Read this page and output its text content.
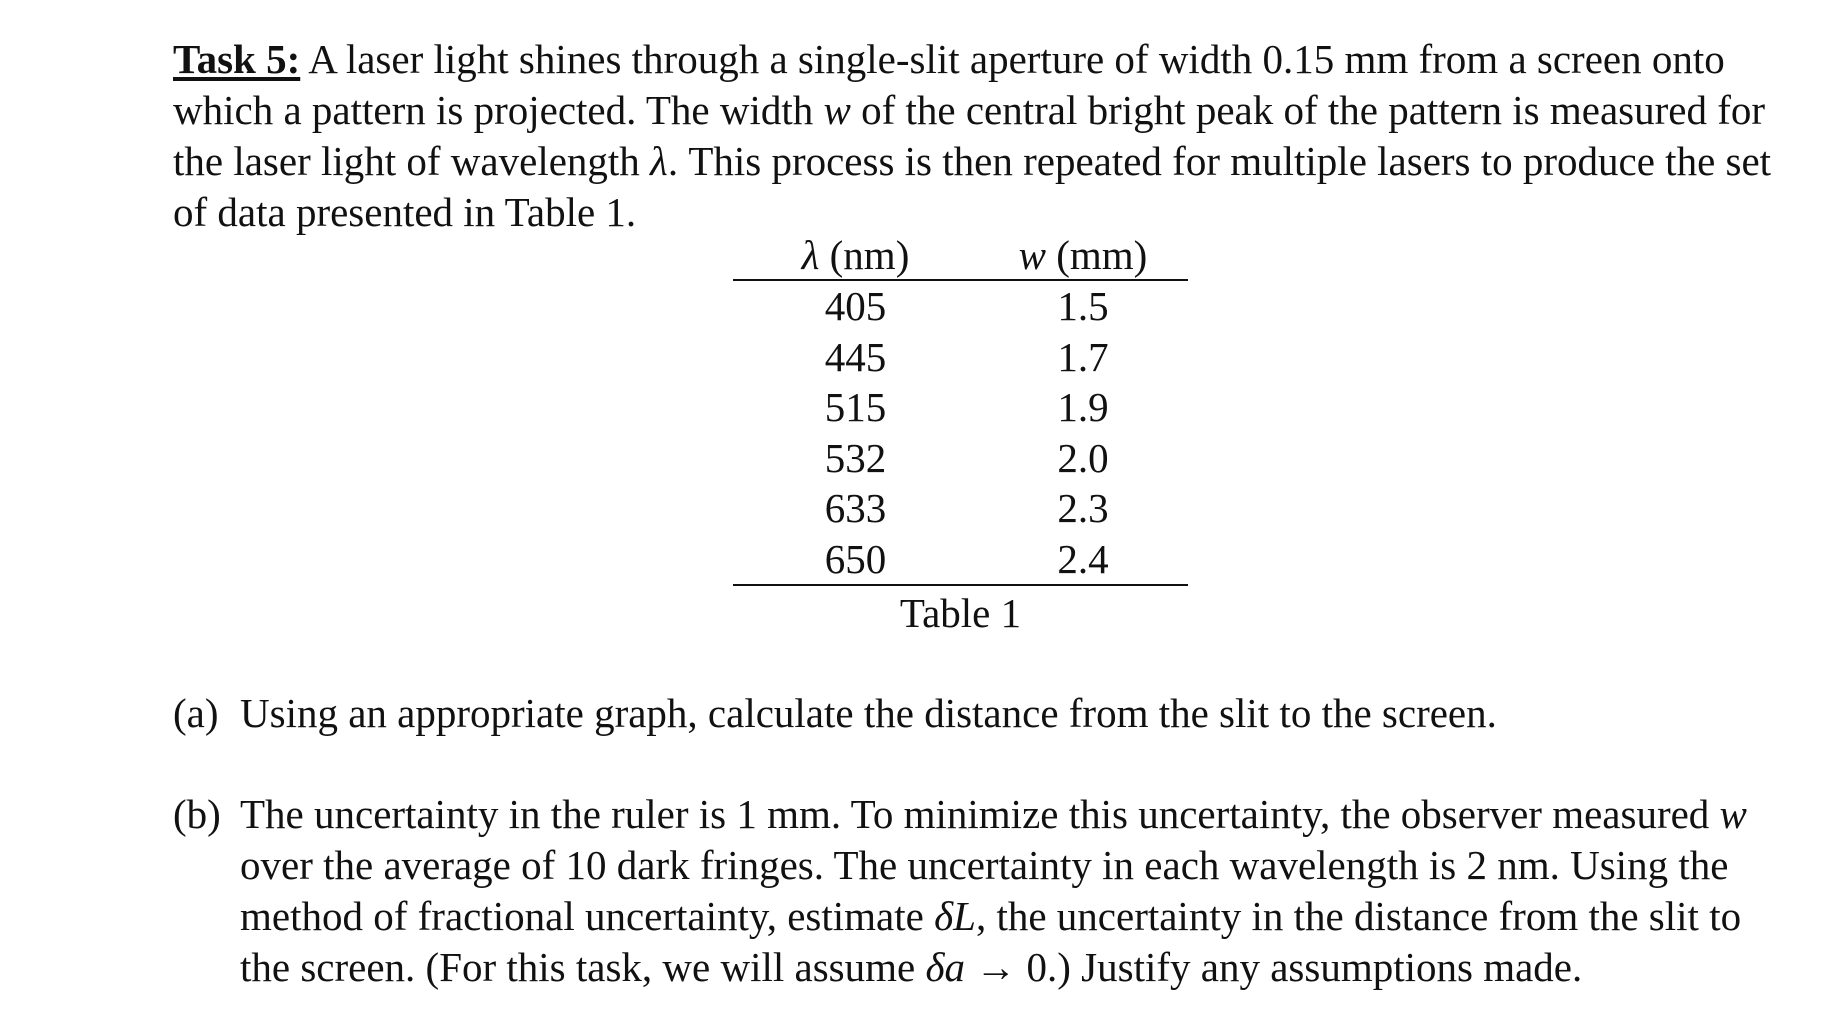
Task 5: A laser light shines through a single-slit aperture of width 0.15 mm from a screen onto

which a pattern is projected. The width w of the central bright peak of the pattern is measured for

the laser light of wavelength λ. This process is then repeated for multiple lasers to produce the set

of data presented in Table 1.

λ (nm)	w (mm)
405	1.5
445	1.7
515	1.9
532	2.0
633	2.3
650	2.4
Table 1
(a) Using an appropriate graph, calculate the distance from the slit to the screen.

(b) The uncertainty in the ruler is 1 mm. To minimize this uncertainty, the observer measured w

over the average of 10 dark fringes. The uncertainty in each wavelength is 2 nm. Using the

method of fractional uncertainty, estimate δL, the uncertainty in the distance from the slit to

the screen. (For this task, we will assume δa → 0.) Justify any assumptions made.
